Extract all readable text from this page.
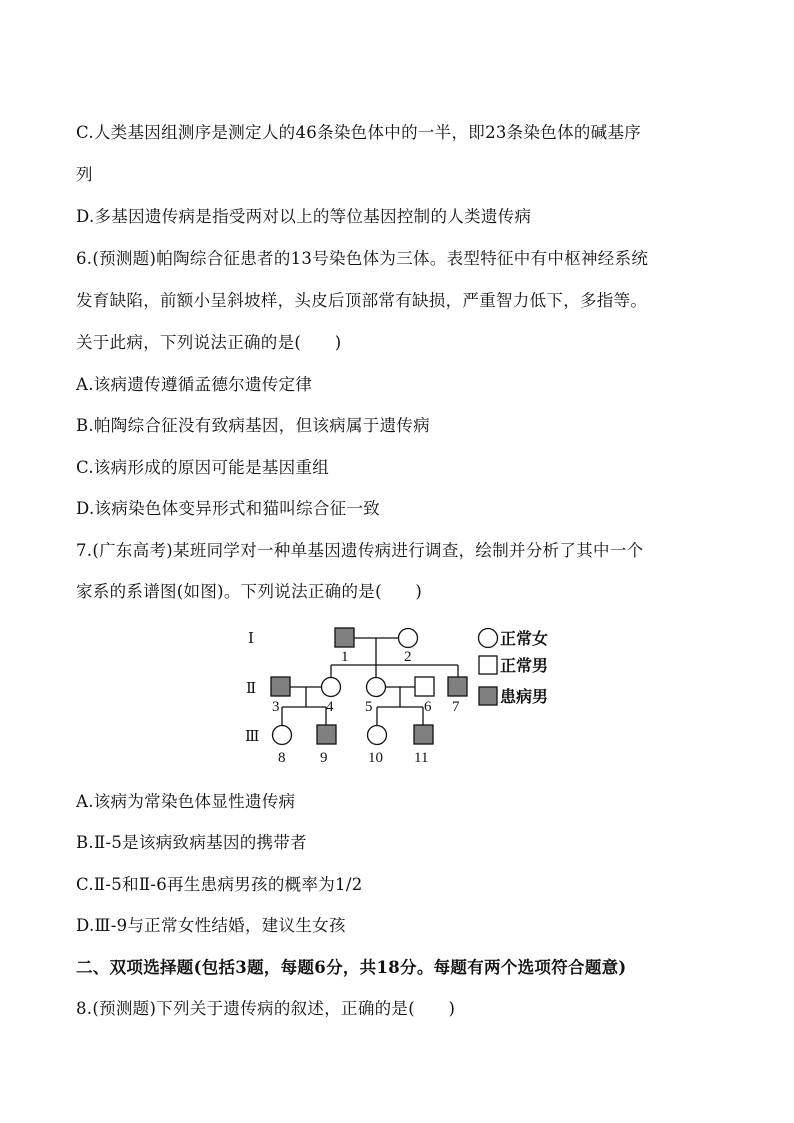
C.人类基因组测序是测定人的46条染色体中的一半，即23条染色体的碱基序
列
D.多基因遗传病是指受两对以上的等位基因控制的人类遗传病
6.(预测题)帕陶综合征患者的13号染色体为三体。表型特征中有中枢神经系统
发育缺陷，前额小呈斜坡样，头皮后顶部常有缺损，严重智力低下，多指等。
关于此病，下列说法正确的是(　　)
A.该病遗传遵循孟德尔遗传定律
B.帕陶综合征没有致病基因，但该病属于遗传病
C.该病形成的原因可能是基因重组
D.该病染色体变异形式和猫叫综合征一致
7.(广东高考)某班同学对一种单基因遗传病进行调查，绘制并分析了其中一个
家系的系谱图(如图)。下列说法正确的是(　　)
Ⅰ
Ⅱ
Ⅲ
1	2
3	4 5	6 7
8 9	10 11
正常女
正常男
患病男
A.该病为常染色体显性遗传病
B.Ⅱ-5是该病致病基因的携带者
C.Ⅱ-5和Ⅱ-6再生患病男孩的概率为1/2
D.Ⅲ-9与正常女性结婚，建议生女孩
二、双项选择题(包括3题，每题6分，共18分。每题有两个选项符合题意)
8.(预测题)下列关于遗传病的叙述，正确的是(　　)
